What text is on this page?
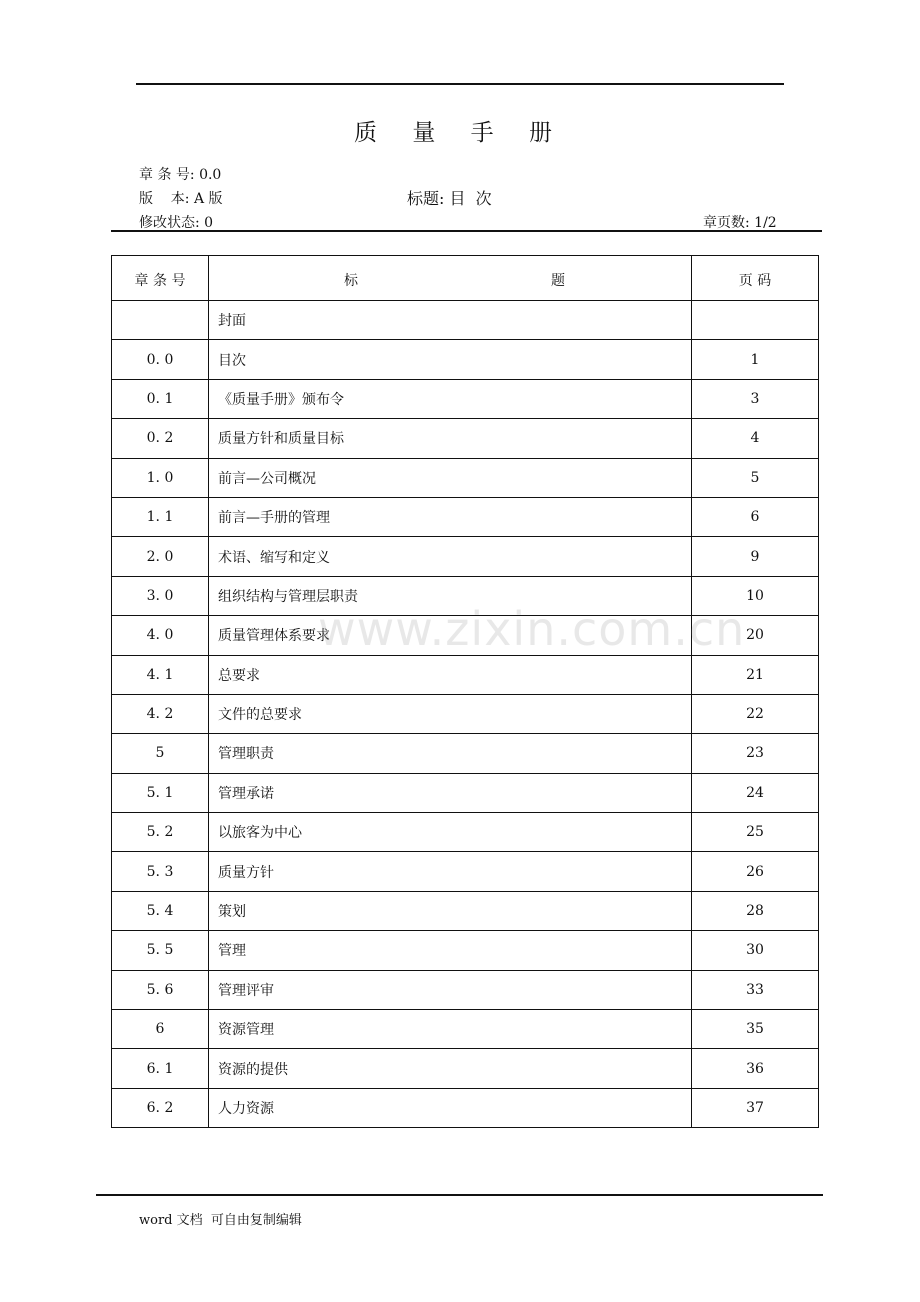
质 量 手 册
章 条 号: 0.0
版    本: A 版	标题: 目  次
修改状态: 0	章页数: 1/2
章 条 号	标 题	页 码
	封面	
0. 0	目次	1
0. 1	《质量手册》颁布令	3
0. 2	质量方针和质量目标	4
1. 0	前言—公司概况	5
1. 1	前言—手册的管理	6
2. 0	术语、缩写和定义	9
3. 0	组织结构与管理层职责	10
4. 0	质量管理体系要求	20
4. 1	总要求	21
4. 2	文件的总要求	22
5	管理职责	23
5. 1	管理承诺	24
5. 2	以旅客为中心	25
5. 3	质量方针	26
5. 4	策划	28
5. 5	管理	30
5. 6	管理评审	33
6	资源管理	35
6. 1	资源的提供	36
6. 2	人力资源	37
www.zixin.com.cn
word 文档  可自由复制编辑
